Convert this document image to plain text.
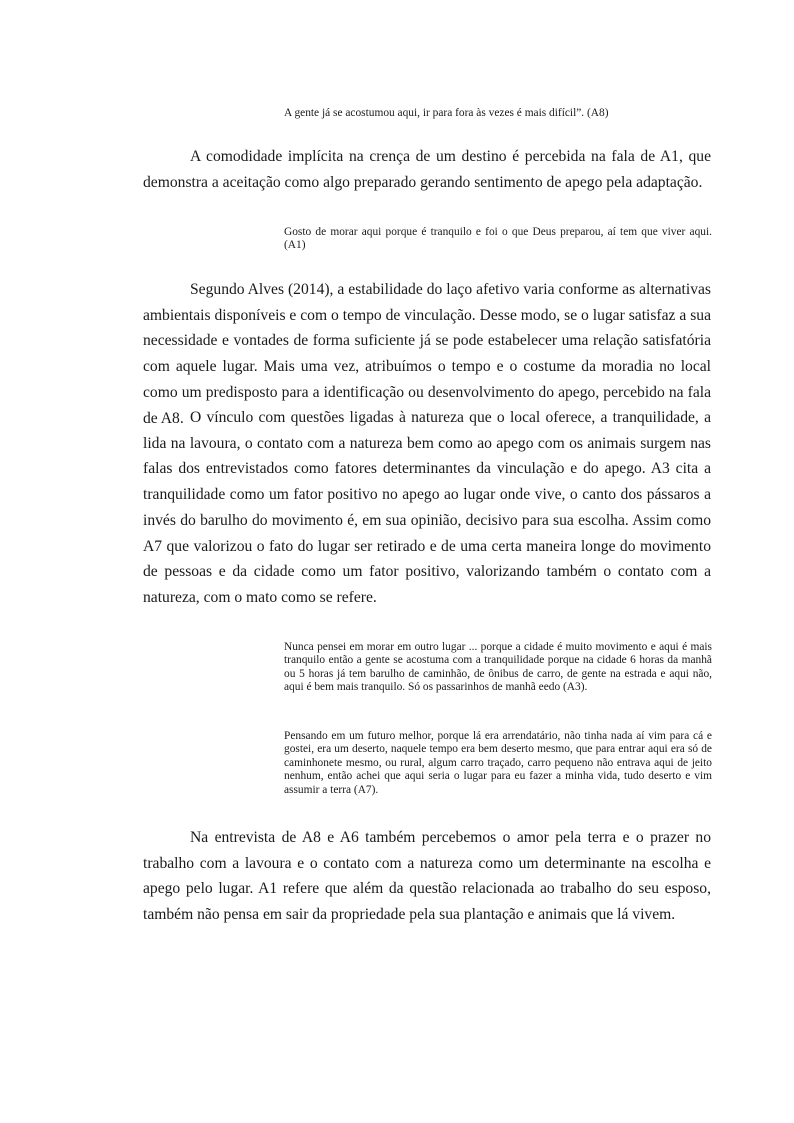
A gente já se acostumou aqui, ir para fora às vezes é mais difícil”. (A8)

A comodidade implícita na crença de um destino é percebida na fala de A1, que demonstra a aceitação como algo preparado gerando sentimento de apego pela adaptação.

Gosto de morar aqui porque é tranquilo e foi o que Deus preparou, aí tem que viver aqui. (A1)

Segundo Alves (2014), a estabilidade do laço afetivo varia conforme as alternativas ambientais disponíveis e com o tempo de vinculação. Desse modo, se o lugar satisfaz a sua necessidade e vontades de forma suficiente já se pode estabelecer uma relação satisfatória com aquele lugar. Mais uma vez, atribuímos o tempo e o costume da moradia no local como um predisposto para a identificação ou desenvolvimento do apego, percebido na fala de A8. O vínculo com questões ligadas à natureza que o local oferece, a tranquilidade, a lida na lavoura, o contato com a natureza bem como ao apego com os animais surgem nas falas dos entrevistados como fatores determinantes da vinculação e do apego. A3 cita a tranquilidade como um fator positivo no apego ao lugar onde vive, o canto dos pássaros a invés do barulho do movimento é, em sua opinião, decisivo para sua escolha. Assim como A7 que valorizou o fato do lugar ser retirado e de uma certa maneira longe do movimento de pessoas e da cidade como um fator positivo, valorizando também o contato com a natureza, com o mato como se refere.

Nunca pensei em morar em outro lugar ... porque a cidade é muito movimento e aqui é mais tranquilo então a gente se acostuma com a tranquilidade porque na cidade 6 horas da manhã ou 5 horas já tem barulho de caminhão, de ônibus de carro, de gente na estrada e aqui não, aqui é bem mais tranquilo. Só os passarinhos de manhã eedo (A3).

Pensando em um futuro melhor, porque lá era arrendatário, não tinha nada aí vim para cá e gostei, era um deserto, naquele tempo era bem deserto mesmo, que para entrar aqui era só de caminhonete mesmo, ou rural, algum carro traçado, carro pequeno não entrava aqui de jeito nenhum, então achei que aqui seria o lugar para eu fazer a minha vida, tudo deserto e vim assumir a terra (A7).

Na entrevista de A8 e A6 também percebemos o amor pela terra e o prazer no trabalho com a lavoura e o contato com a natureza como um determinante na escolha e apego pelo lugar. A1 refere que além da questão relacionada ao trabalho do seu esposo, também não pensa em sair da propriedade pela sua plantação e animais que lá vivem.
